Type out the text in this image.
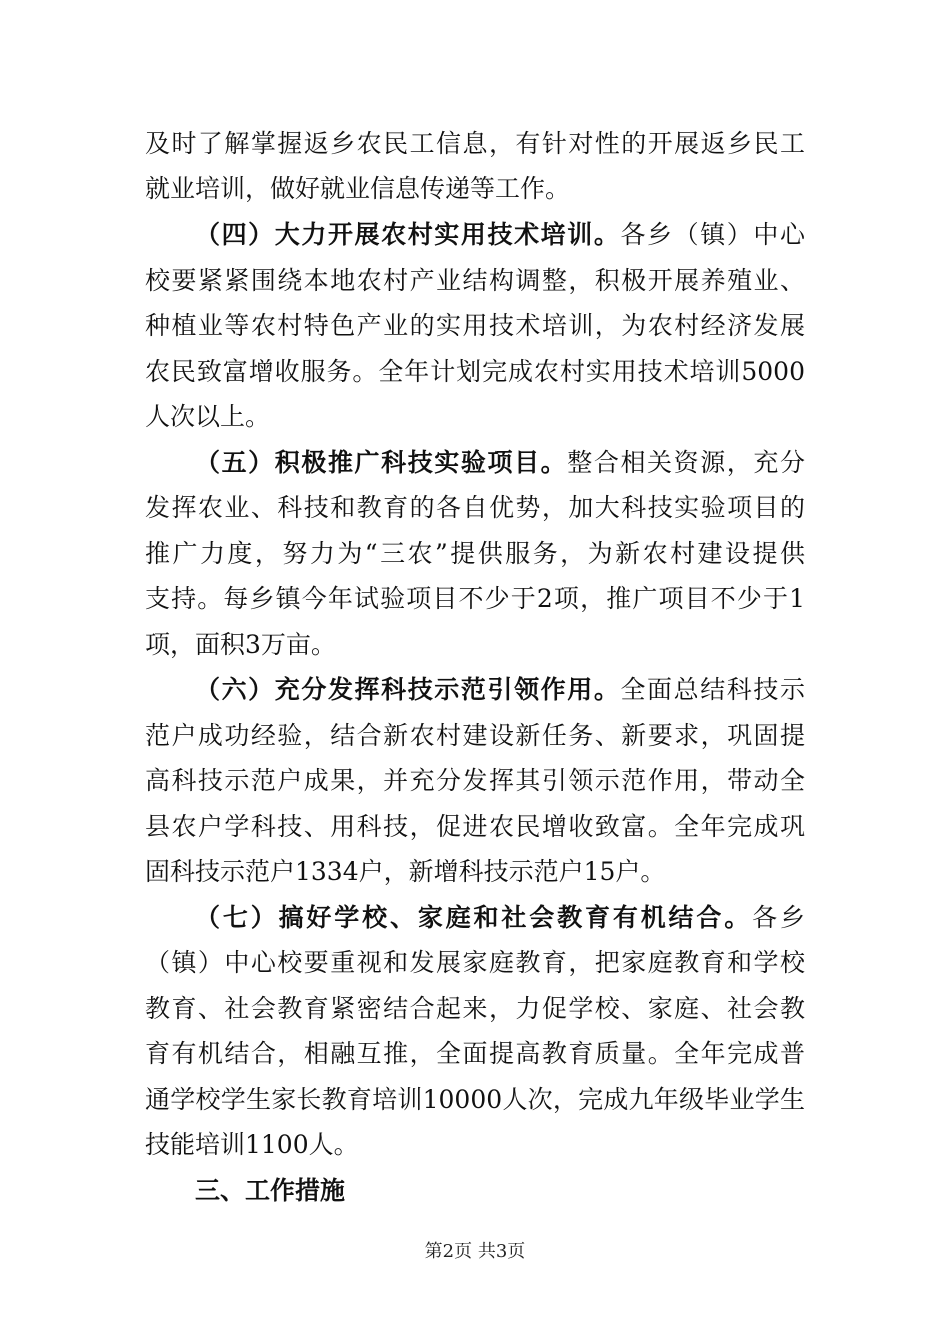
及时了解掌握返乡农民工信息，有针对性的开展返乡民工
就业培训，做好就业信息传递等工作。
（四）大力开展农村实用技术培训。各乡（镇）中心
校要紧紧围绕本地农村产业结构调整，积极开展养殖业、
种植业等农村特色产业的实用技术培训，为农村经济发展
农民致富增收服务。全年计划完成农村实用技术培训5000
人次以上。
（五）积极推广科技实验项目。整合相关资源，充分
发挥农业、科技和教育的各自优势，加大科技实验项目的
推广力度，努力为“三农”提供服务，为新农村建设提供
支持。每乡镇今年试验项目不少于2项，推广项目不少于1
项，面积3万亩。
（六）充分发挥科技示范引领作用。全面总结科技示
范户成功经验，结合新农村建设新任务、新要求，巩固提
高科技示范户成果，并充分发挥其引领示范作用，带动全
县农户学科技、用科技，促进农民增收致富。全年完成巩
固科技示范户1334户，新增科技示范户15户。
（七）搞好学校、家庭和社会教育有机结合。各乡
（镇）中心校要重视和发展家庭教育，把家庭教育和学校
教育、社会教育紧密结合起来，力促学校、家庭、社会教
育有机结合，相融互推，全面提高教育质量。全年完成普
通学校学生家长教育培训10000人次，完成九年级毕业学生
技能培训1100人。
三、工作措施
第2页 共3页
